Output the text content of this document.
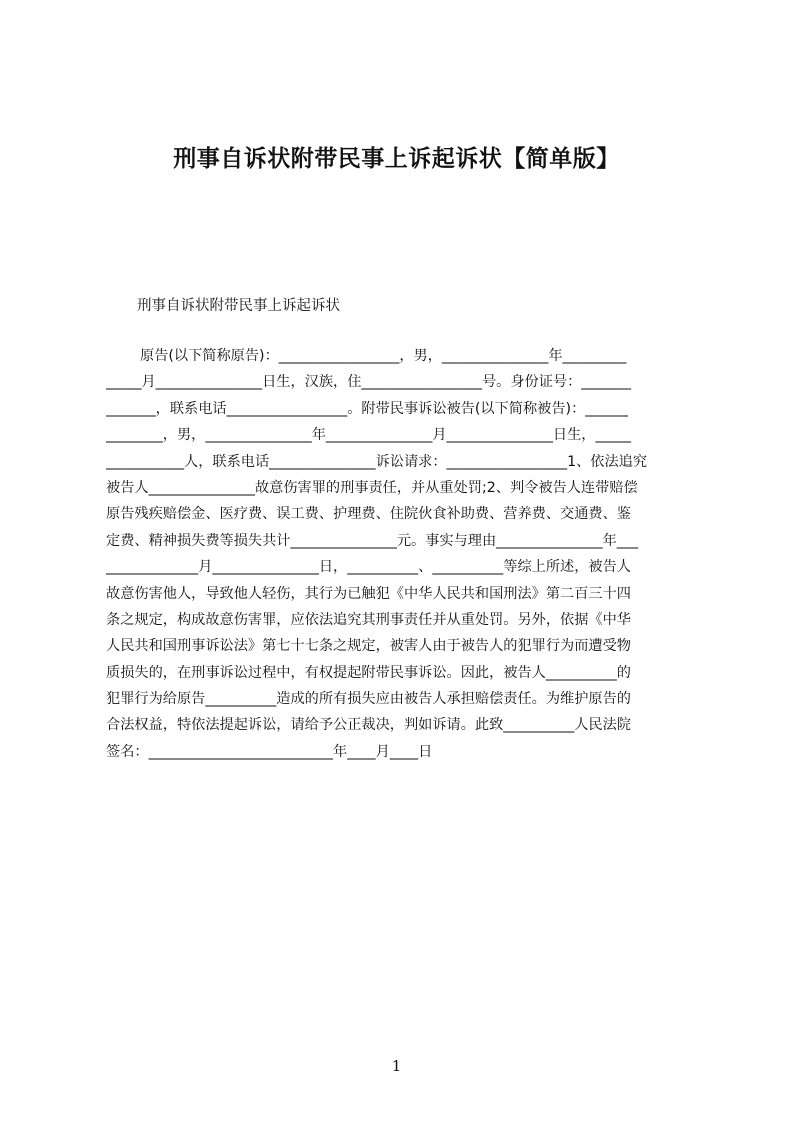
刑事自诉状附带民事上诉起诉状【简单版】
刑事自诉状附带民事上诉起诉状
原告(以下简称原告)：_________________，男，_______________年_________
_____月_______________日生，汉族，住_________________号。身份证号：_______
_______，联系电话_________________。附带民事诉讼被告(以下简称被告)：______
________，男，_______________年_______________月_______________日生，_____
___________人，联系电话_______________诉讼请求：_________________1、依法追究
被告人_______________故意伤害罪的刑事责任，并从重处罚;2、判令被告人连带赔偿
原告残疾赔偿金、医疗费、误工费、护理费、住院伙食补助费、营养费、交通费、鉴
定费、精神损失费等损失共计_______________元。事实与理由_______________年___
_____________月_______________日，__________、__________等综上所述，被告人
故意伤害他人，导致他人轻伤，其行为已触犯《中华人民共和国刑法》第二百三十四
条之规定，构成故意伤害罪，应依法追究其刑事责任并从重处罚。另外，依据《中华
人民共和国刑事诉讼法》第七十七条之规定，被害人由于被告人的犯罪行为而遭受物
质损失的，在刑事诉讼过程中，有权提起附带民事诉讼。因此，被告人__________的
犯罪行为给原告__________造成的所有损失应由被告人承担赔偿责任。为维护原告的
合法权益，特依法提起诉讼，请给予公正裁决，判如诉请。此致__________人民法院
签名：__________________________年____月____日
1
